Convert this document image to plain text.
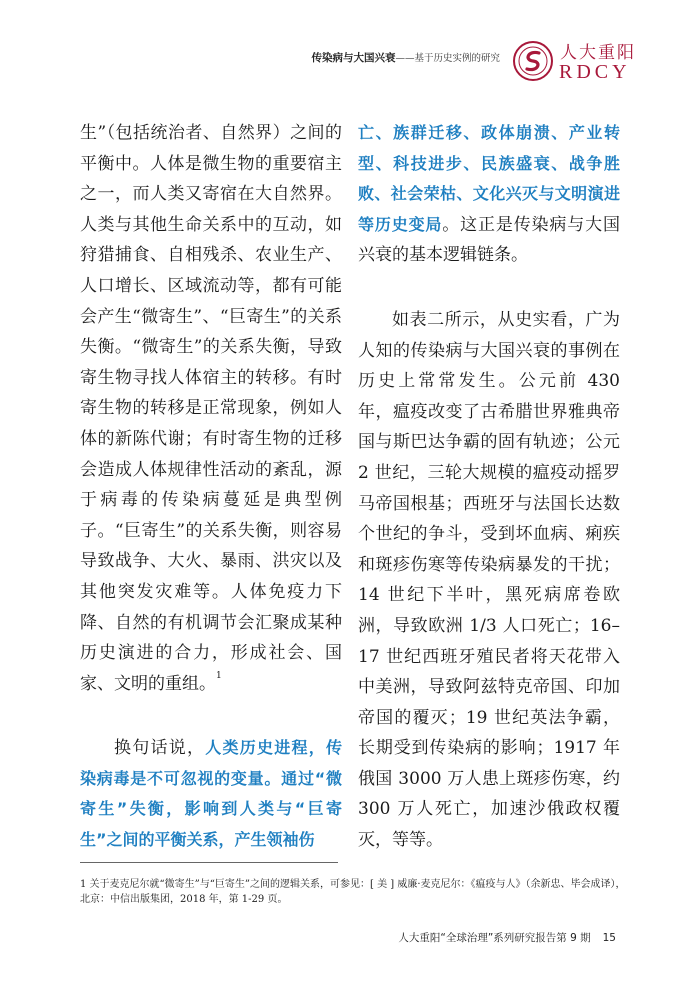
传染病与大国兴衰——基于历史实例的研究	人大重阳
RDCY

生”（包括统治者、自然界）之间的平衡中。人体是微生物的重要宿主之一，而人类又寄宿在大自然界。人类与其他生命关系中的互动，如狩猎捕食、自相残杀、农业生产、人口增长、区域流动等，都有可能会产生“微寄生”、“巨寄生”的关系失衡。“微寄生”的关系失衡，导致寄生物寻找人体宿主的转移。有时寄生物的转移是正常现象，例如人体的新陈代谢；有时寄生物的迁移会造成人体规律性活动的紊乱，源于病毒的传染病蔓延是典型例子。“巨寄生”的关系失衡，则容易导致战争、大火、暴雨、洪灾以及其他突发灾难等。人体免疫力下降、自然的有机调节会汇聚成某种历史演进的合力，形成社会、国家、文明的重组。$^1$

换句话说，人类历史进程，传染病毒是不可忽视的变量。通过“微寄生”失衡，影响到人类与“巨寄生”之间的平衡关系，产生领袖伤

亡、族群迁移、政体崩溃、产业转型、科技进步、民族盛衰、战争胜败、社会荣枯、文化兴灭与文明演进等历史变局。这正是传染病与大国兴衰的基本逻辑链条。

如表二所示，从史实看，广为人知的传染病与大国兴衰的事例在历史上常常发生。公元前 430 年，瘟疫改变了古希腊世界雅典帝国与斯巴达争霸的固有轨迹；公元 2 世纪，三轮大规模的瘟疫动摇罗马帝国根基；西班牙与法国长达数个世纪的争斗，受到坏血病、痢疾和斑疹伤寒等传染病暴发的干扰；14 世纪下半叶，黑死病席卷欧洲，导致欧洲 1/3 人口死亡；16–17 世纪西班牙殖民者将天花带入中美洲，导致阿兹特克帝国、印加帝国的覆灭；19 世纪英法争霸，长期受到传染病的影响；1917 年俄国 3000 万人患上斑疹伤寒，约 300 万人死亡，加速沙俄政权覆灭，等等。

1 关于麦克尼尔就“微寄生”与“巨寄生”之间的逻辑关系，可参见：[ 美 ] 威廉·麦克尼尔：《瘟疫与人》（余新忠、毕会成译），北京：中信出版集团，2018 年，第 1-29 页。
人大重阳“全球治理”系列研究报告第 9 期 15
